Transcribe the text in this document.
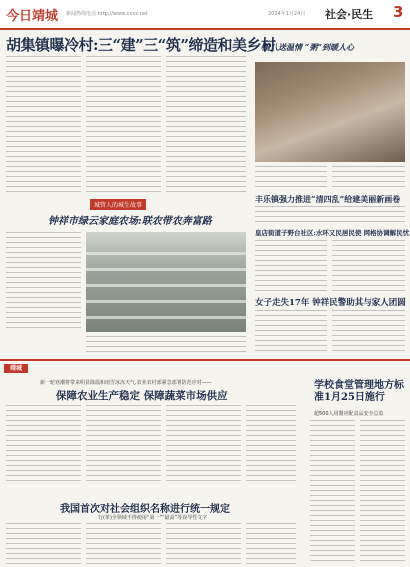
今日靖城 新闻热线电话 http://www.xxxx.net	2024年1月24日 社会·民生 3
胡集镇曝冷村:三“建”三“筑”缔造和美乡村
腊八送温情 “粥”到暖人心
丰乐镇强力推进“清四乱”给建美丽新画卷
皇店街道子野台社区:水环又民居民使 网格协调解民忧
女子走失17年 钟祥民警助其与家人团圆
城管人的城生故事
钟祥市绿云家庭农场:联农带农奔富路
靖城
新一轮寒潮将带来明显降温和雨雪冰冻天气,农业农村部紧急部署防范应对——
保障农业生产稳定 保障蔬菜市场供应
我国首次对社会组织名称进行统一规定
行(单)全领域不得使用“第一”“最高”等误导性文字
学校食堂管理地方标准1月25日施行
超500人用餐应配食品安全总监
